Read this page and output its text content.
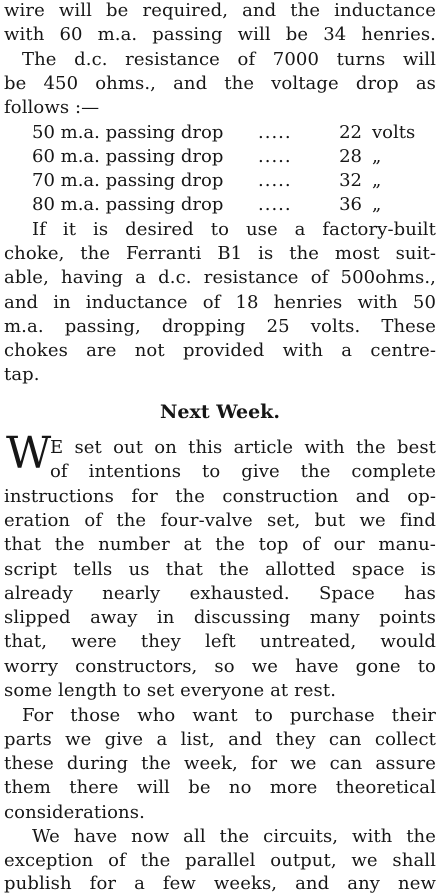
wire will be required, and the inductance
with 60 m.a. passing will be 34 henries.
The d.c. resistance of 7000 turns will
be 450 ohms., and the voltage drop as
follows :—
50 m.a. passing drop .....	22 volts
60 m.a. passing drop .....	28 „
70 m.a. passing drop .....	32 „
80 m.a. passing drop .....	36 „
If it is desired to use a factory-built
choke, the Ferranti B1 is the most suit-
able, having a d.c. resistance of 500ohms.,
and in inductance of 18 henries with 50
m.a. passing, dropping 25 volts. These
chokes are not provided with a centre-
tap.
Next Week.
W
E set out on this article with the best
of intentions to give the complete
instructions for the construction and op-
eration of the four-valve set, but we find
that the number at the top of our manu-
script tells us that the allotted space is
already nearly exhausted. Space has
slipped away in discussing many points
that, were they left untreated, would
worry constructors, so we have gone to
some length to set everyone at rest.
For those who want to purchase their
parts we give a list, and they can collect
these during the week, for we can assure
them there will be no more theoretical
considerations.
We have now all the circuits, with the
exception of the parallel output, we shall
publish for a few weeks, and any new
